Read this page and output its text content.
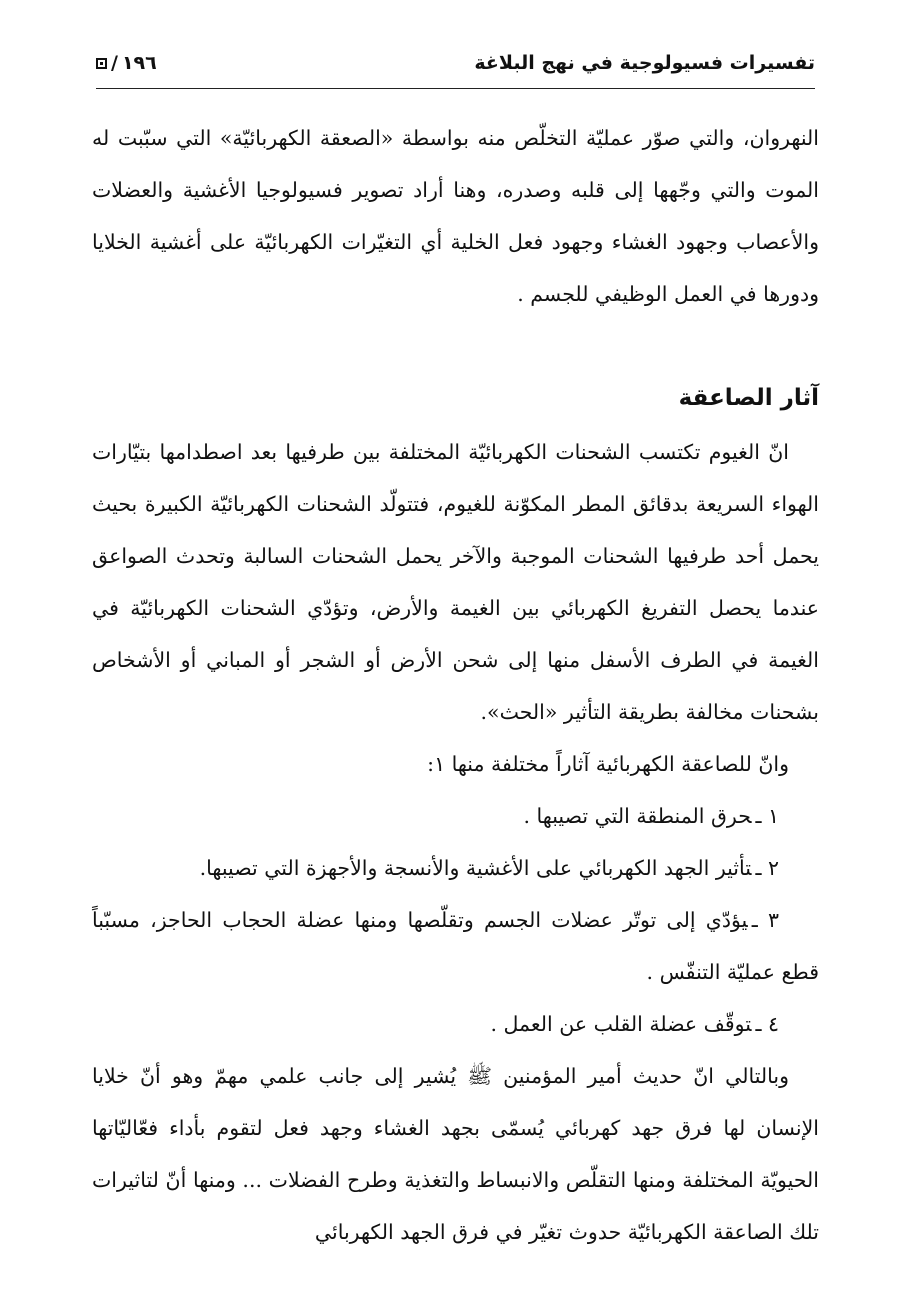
تفسيرات فسيولوجية في نهج البلاغة
١٩٦/

النهروان، والتي صوّر عمليّة التخلّص منه بواسطة «الصعقة الكهربائيّة» التي سبّبت له الموت والتي وجّهها إلى قلبه وصدره، وهنا أراد تصوير فسيولوجيا الأغشية والعضلات والأعصاب وجهود الغشاء وجهود فعل الخلية أي التغيّرات الكهربائيّة على أغشية الخلايا ودورها في العمل الوظيفي للجسم .

آثار الصاعقة

انّ الغيوم تكتسب الشحنات الكهربائيّة المختلفة بين طرفيها بعد اصطدامها بتيّارات الهواء السريعة بدقائق المطر المكوّنة للغيوم، فتتولّد الشحنات الكهربائيّة الكبيرة بحيث يحمل أحد طرفيها الشحنات الموجبة والآخر يحمل الشحنات السالبة وتحدث الصواعق عندما يحصل التفريغ الكهربائي بين الغيمة والأرض، وتؤدّي الشحنات الكهربائيّة في الغيمة في الطرف الأسفل منها إلى شحن الأرض أو الشجر أو المباني أو الأشخاص بشحنات مخالفة بطريقة التأثير «الحث».

وانّ للصاعقة الكهربائية آثاراً مختلفة منها ١:

١ ـحرق المنطقة التي تصيبها .

٢ ـتأثير الجهد الكهربائي على الأغشية والأنسجة والأجهزة التي تصيبها.

٣ ـيؤدّي إلى توتّر عضلات الجسم وتقلّصها ومنها عضلة الحجاب الحاجز، مسبّباً قطع عمليّة التنفّس .

٤ ـتوقّف عضلة القلب عن العمل .

وبالتالي انّ حديث أمير المؤمنين ﷺ يُشير إلى جانب علمي مهمّ وهو أنّ خلايا الإنسان لها فرق جهد كهربائي يُسمّى بجهد الغشاء وجهد فعل لتقوم بأداء فعّاليّاتها الحيويّة المختلفة ومنها التقلّص والانبساط والتغذية وطرح الفضلات ... ومنها أنّ لتاثيرات تلك الصاعقة الكهربائيّة حدوث تغيّر في فرق الجهد الكهربائي
